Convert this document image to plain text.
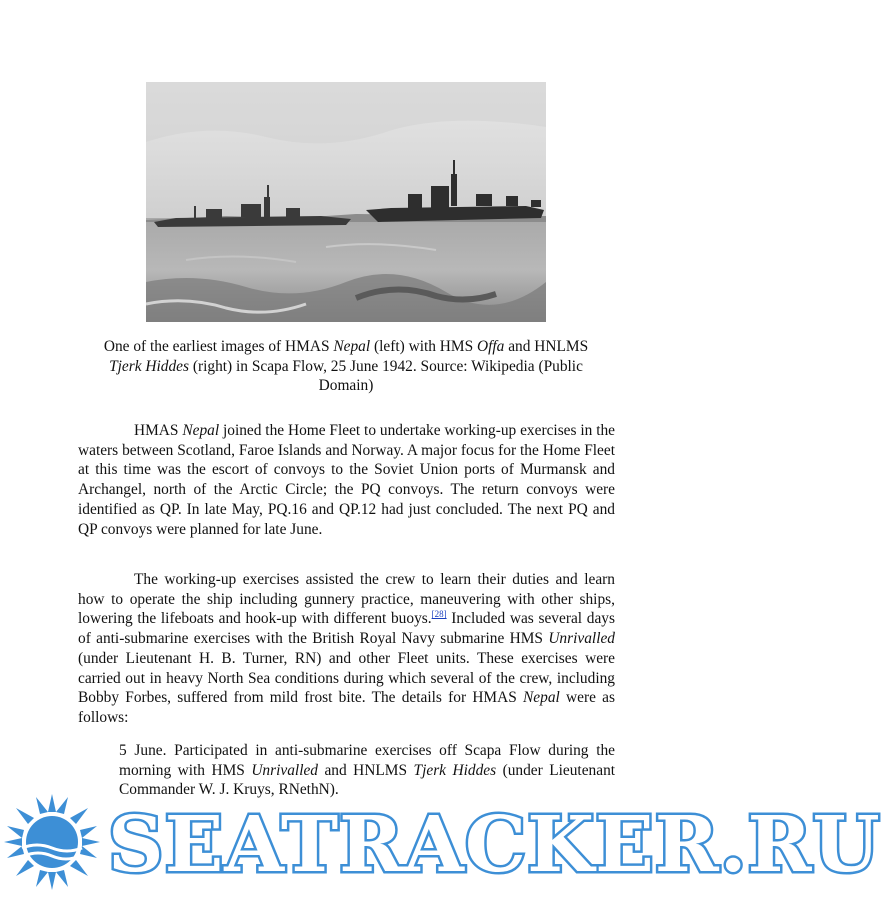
One of the earliest images of HMAS Nepal (left) with HMS Offa and HNLMS Tjerk Hiddes (right) in Scapa Flow, 25 June 1942. Source: Wikipedia (Public Domain)

HMAS Nepal joined the Home Fleet to undertake working-up exercises in the waters between Scotland, Faroe Islands and Norway. A major focus for the Home Fleet at this time was the escort of convoys to the Soviet Union ports of Murmansk and Archangel, north of the Arctic Circle; the PQ convoys. The return convoys were identified as QP. In late May, PQ.16 and QP.12 had just concluded. The next PQ and QP convoys were planned for late June.

The working-up exercises assisted the crew to learn their duties and learn how to operate the ship including gunnery practice, maneuvering with other ships, lowering the lifeboats and hook-up with different buoys.[28] Included was several days of anti-submarine exercises with the British Royal Navy submarine HMS Unrivalled (under Lieutenant H. B. Turner, RN) and other Fleet units. These exercises were carried out in heavy North Sea conditions during which several of the crew, including Bobby Forbes, suffered from mild frost bite. The details for HMAS Nepal were as follows:

5 June. Participated in anti-submarine exercises off Scapa Flow during the morning with HMS Unrivalled and HNLMS Tjerk Hiddes (under Lieutenant Commander W. J. Kruys, RNethN).

SEATRACKER.RU
